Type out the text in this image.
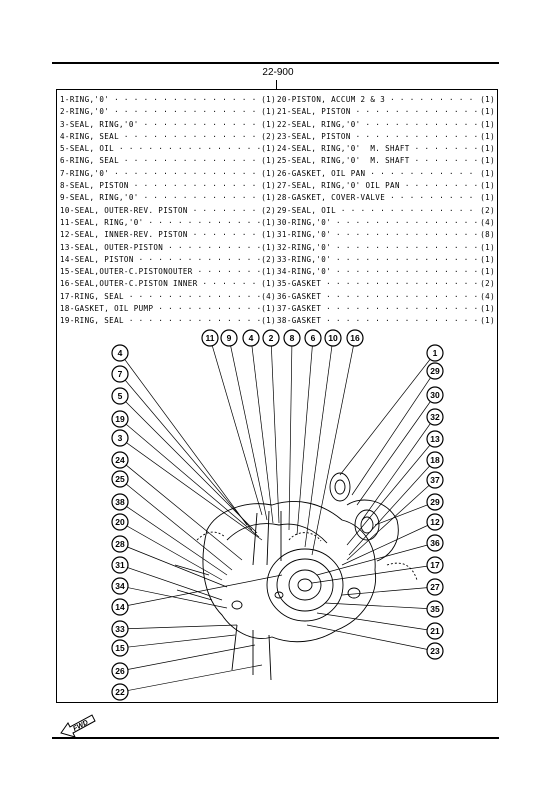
22-900
1-RING,'0' · · ·	(1)
2-RING,'0' · · ·	(1)
3-SEAL, RING,'0' · · ·	(1)
4-RING, SEAL · · ·	(2)
5-SEAL, OIL · · ·	(1)
6-RING, SEAL · · ·	(1)
7-RING,'0' · · ·	(1)
8-SEAL, PISTON · · ·	(1)
9-SEAL, RING,'0' · · ·	(1)
10-SEAL, OUTER-REV. PISTON · · ·	(2)
11-SEAL, RING,'0' · · ·	(1)
12-SEAL, INNER-REV. PISTON · · ·	(1)
13-SEAL, OUTER-PISTON · · ·	(1)
14-SEAL, PISTON · · ·	(2)
15-SEAL,OUTER-C.PISTONOUTER · · ·	(1)
16-SEAL,OUTER-C.PISTON INNER · · ·	(1)
17-RING, SEAL · · ·	(4)
18-GASKET, OIL PUMP · · ·	(1)
19-RING, SEAL · · ·	(1)
20-PISTON, ACCUM 2 & 3 · · ·	(1)
21-SEAL, PISTON · · ·	(1)
22-SEAL, RING,'0' · · ·	(1)
23-SEAL, PISTON · · ·	(1)
24-SEAL, RING,'0'  M. SHAFT · · ·	(1)
25-SEAL, RING,'0'  M. SHAFT · · ·	(1)
26-GASKET, OIL PAN · · ·	(1)
27-SEAL, RING,'0' OIL PAN · · ·	(1)
28-GASKET, COVER-VALVE · · ·	(1)
29-SEAL, OIL · · ·	(2)
30-RING,'0' · · ·	(4)
31-RING,'0' · · ·	(8)
32-RING,'0' · · ·	(1)
33-RING,'0' · · ·	(1)
34-RING,'0' · · ·	(1)
35-GASKET · · ·	(2)
36-GASKET · · ·	(4)
37-GASKET · · ·	(1)
38-GASKET · · ·	(1)
11 9 4 2 8 6 10 16
4
7
5
19
3
24
25
38
20
28
31
34
14
33
15
26
22
1
29
30
32
13
18
37
29
12
36
17
27
35
21
23
FWD
